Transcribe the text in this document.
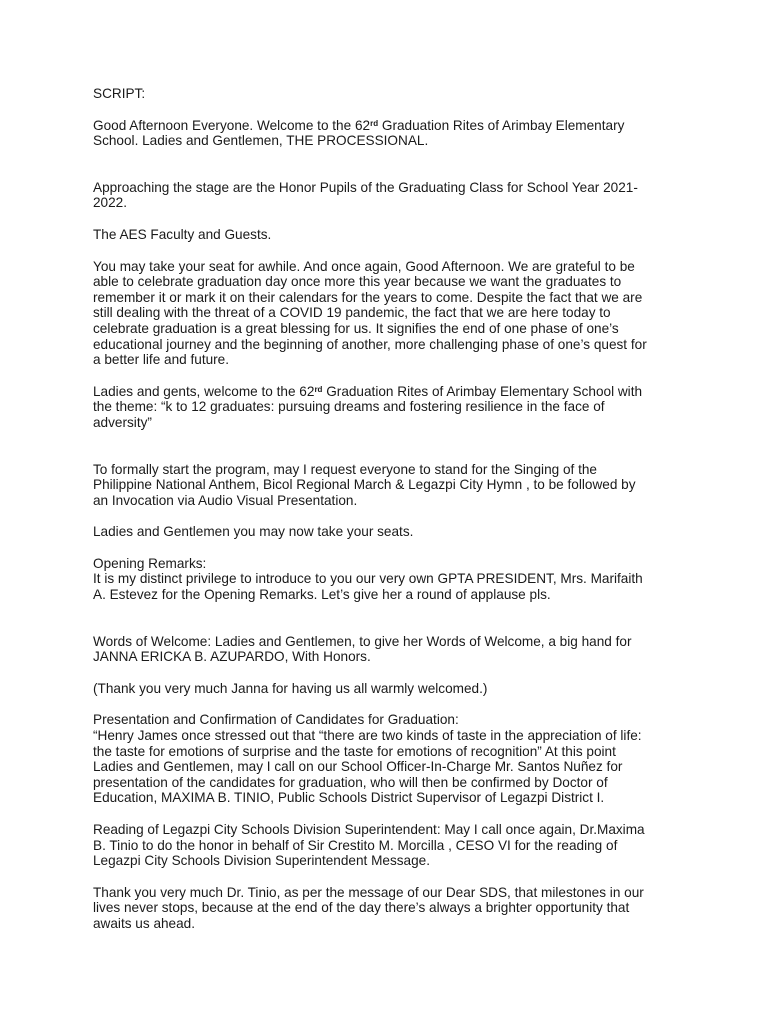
SCRIPT:

Good Afternoon Everyone. Welcome to the 62rd Graduation Rites of Arimbay Elementary
School. Ladies and Gentlemen, THE PROCESSIONAL.

Approaching the stage are the Honor Pupils of the Graduating Class for School Year 2021-
2022.

The AES Faculty and Guests.

You may take your seat for awhile. And once again, Good Afternoon. We are grateful to be
able to celebrate graduation day once more this year because we want the graduates to
remember it or mark it on their calendars for the years to come. Despite the fact that we are
still dealing with the threat of a COVID 19 pandemic, the fact that we are here today to
celebrate graduation is a great blessing for us. It signifies the end of one phase of one’s
educational journey and the beginning of another, more challenging phase of one’s quest for
a better life and future.

Ladies and gents, welcome to the 62rd Graduation Rites of Arimbay Elementary School with
the theme: “k to 12 graduates: pursuing dreams and fostering resilience in the face of
adversity”

To formally start the program, may I request everyone to stand for the Singing of the
Philippine National Anthem, Bicol Regional March & Legazpi City Hymn , to be followed by
an Invocation via Audio Visual Presentation.

Ladies and Gentlemen you may now take your seats.

Opening Remarks:
It is my distinct privilege to introduce to you our very own GPTA PRESIDENT, Mrs. Marifaith
A. Estevez for the Opening Remarks. Let’s give her a round of applause pls.

Words of Welcome: Ladies and Gentlemen, to give her Words of Welcome, a big hand for
JANNA ERICKA B. AZUPARDO, With Honors.

(Thank you very much Janna for having us all warmly welcomed.)

Presentation and Confirmation of Candidates for Graduation:
“Henry James once stressed out that “there are two kinds of taste in the appreciation of life:
the taste for emotions of surprise and the taste for emotions of recognition” At this point
Ladies and Gentlemen, may I call on our School Officer-In-Charge Mr. Santos Nuñez for
presentation of the candidates for graduation, who will then be confirmed by Doctor of
Education, MAXIMA B. TINIO, Public Schools District Supervisor of Legazpi District I.

Reading of Legazpi City Schools Division Superintendent: May I call once again, Dr.Maxima
B. Tinio to do the honor in behalf of Sir Crestito M. Morcilla , CESO VI for the reading of
Legazpi City Schools Division Superintendent Message.

Thank you very much Dr. Tinio, as per the message of our Dear SDS, that milestones in our
lives never stops, because at the end of the day there’s always a brighter opportunity that
awaits us ahead.
